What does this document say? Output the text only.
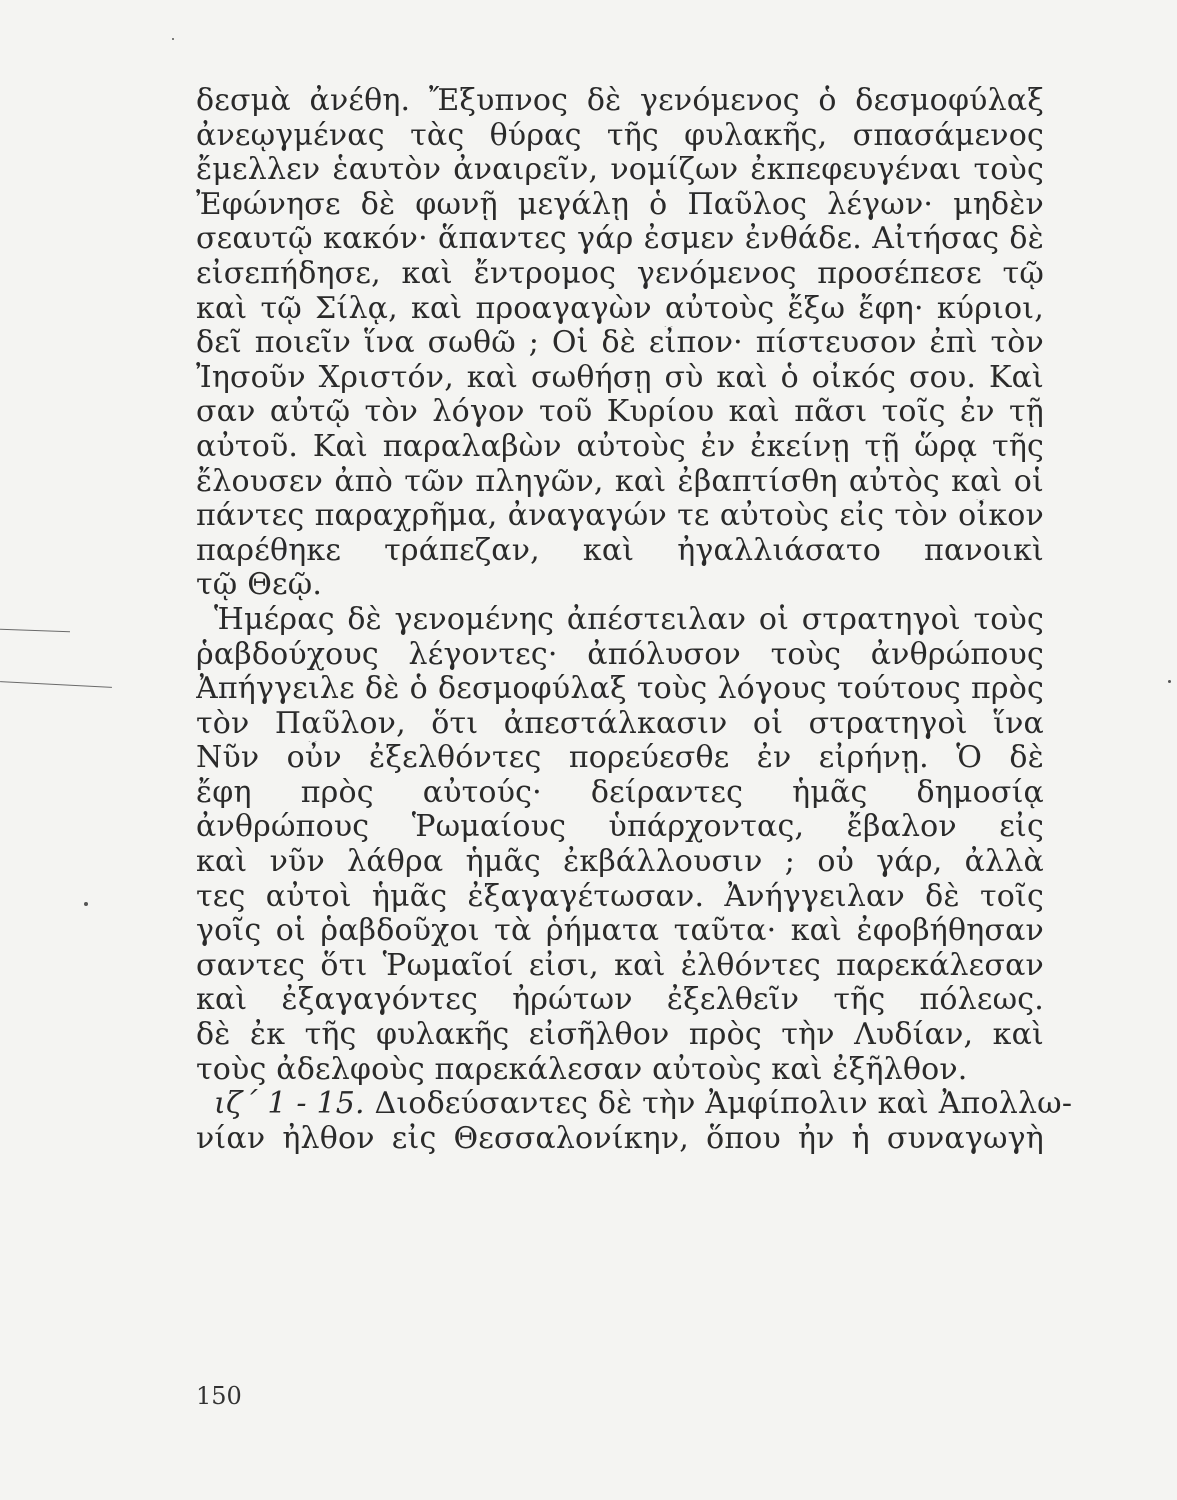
δεσμὰ ἀνέθη. Ἔξυπνος δὲ γενόμενος ὁ δεσμοφύλαξ
ἀνεῳγμένας τὰς θύρας τῆς φυλακῆς, σπασάμενος
ἔμελλεν ἑαυτὸν ἀναιρεῖν, νομίζων ἐκπεφευγέναι τοὺς
Ἐφώνησε δὲ φωνῇ μεγάλῃ ὁ Παῦλος λέγων· μηδὲν
σεαυτῷ κακόν· ἅπαντες γάρ ἐσμεν ἐνθάδε. Αἰτήσας δὲ
εἰσεπήδησε, καὶ ἔντρομος γενόμενος προσέπεσε τῷ
καὶ τῷ Σίλᾳ, καὶ προαγαγὼν αὐτοὺς ἔξω ἔφη· κύριοι,
δεῖ ποιεῖν ἵνα σωθῶ ; Οἱ δὲ εἶπον· πίστευσον ἐπὶ τὸν
Ἰησοῦν Χριστόν, καὶ σωθήσῃ σὺ καὶ ὁ οἶκός σου. Καὶ
σαν αὐτῷ τὸν λόγον τοῦ Κυρίου καὶ πᾶσι τοῖς ἐν τῇ
αὐτοῦ. Καὶ παραλαβὼν αὐτοὺς ἐν ἐκείνῃ τῇ ὥρᾳ τῆς
ἔλουσεν ἀπὸ τῶν πληγῶν, καὶ ἐβαπτίσθη αὐτὸς καὶ οἱ
πάντες παραχρῆμα, ἀναγαγών τε αὐτοὺς εἰς τὸν οἶκον
παρέθηκε τράπεζαν, καὶ ἠγαλλιάσατο πανοικὶ
τῷ Θεῷ.
Ἡμέρας δὲ γενομένης ἀπέστειλαν οἱ στρατηγοὶ τοὺς
ῥαβδούχους λέγοντες· ἀπόλυσον τοὺς ἀνθρώπους
Ἀπήγγειλε δὲ ὁ δεσμοφύλαξ τοὺς λόγους τούτους πρὸς
τὸν Παῦλον, ὅτι ἀπεστάλκασιν οἱ στρατηγοὶ ἵνα
Νῦν οὖν ἐξελθόντες πορεύεσθε ἐν εἰρήνῃ. Ὁ δὲ
ἔφη πρὸς αὐτούς· δείραντες ἡμᾶς δημοσίᾳ
ἀνθρώπους Ῥωμαίους ὑπάρχοντας, ἔβαλον εἰς
καὶ νῦν λάθρα ἡμᾶς ἐκβάλλουσιν ; οὐ γάρ, ἀλλὰ
τες αὐτοὶ ἡμᾶς ἐξαγαγέτωσαν. Ἀνήγγειλαν δὲ τοῖς
γοῖς οἱ ῥαβδοῦχοι τὰ ῥήματα ταῦτα· καὶ ἐφοβήθησαν
σαντες ὅτι Ῥωμαῖοί εἰσι, καὶ ἐλθόντες παρεκάλεσαν
καὶ ἐξαγαγόντες ἠρώτων ἐξελθεῖν τῆς πόλεως.
δὲ ἐκ τῆς φυλακῆς εἰσῆλθον πρὸς τὴν Λυδίαν, καὶ
τοὺς ἀδελφοὺς παρεκάλεσαν αὐτοὺς καὶ ἐξῆλθον.
ιζ΄ 1 - 15. Διοδεύσαντες δὲ τὴν Ἀμφίπολιν καὶ Ἀπολλω-
νίαν ἦλθον εἰς Θεσσαλονίκην, ὅπου ἦν ἡ συναγωγὴ
150
